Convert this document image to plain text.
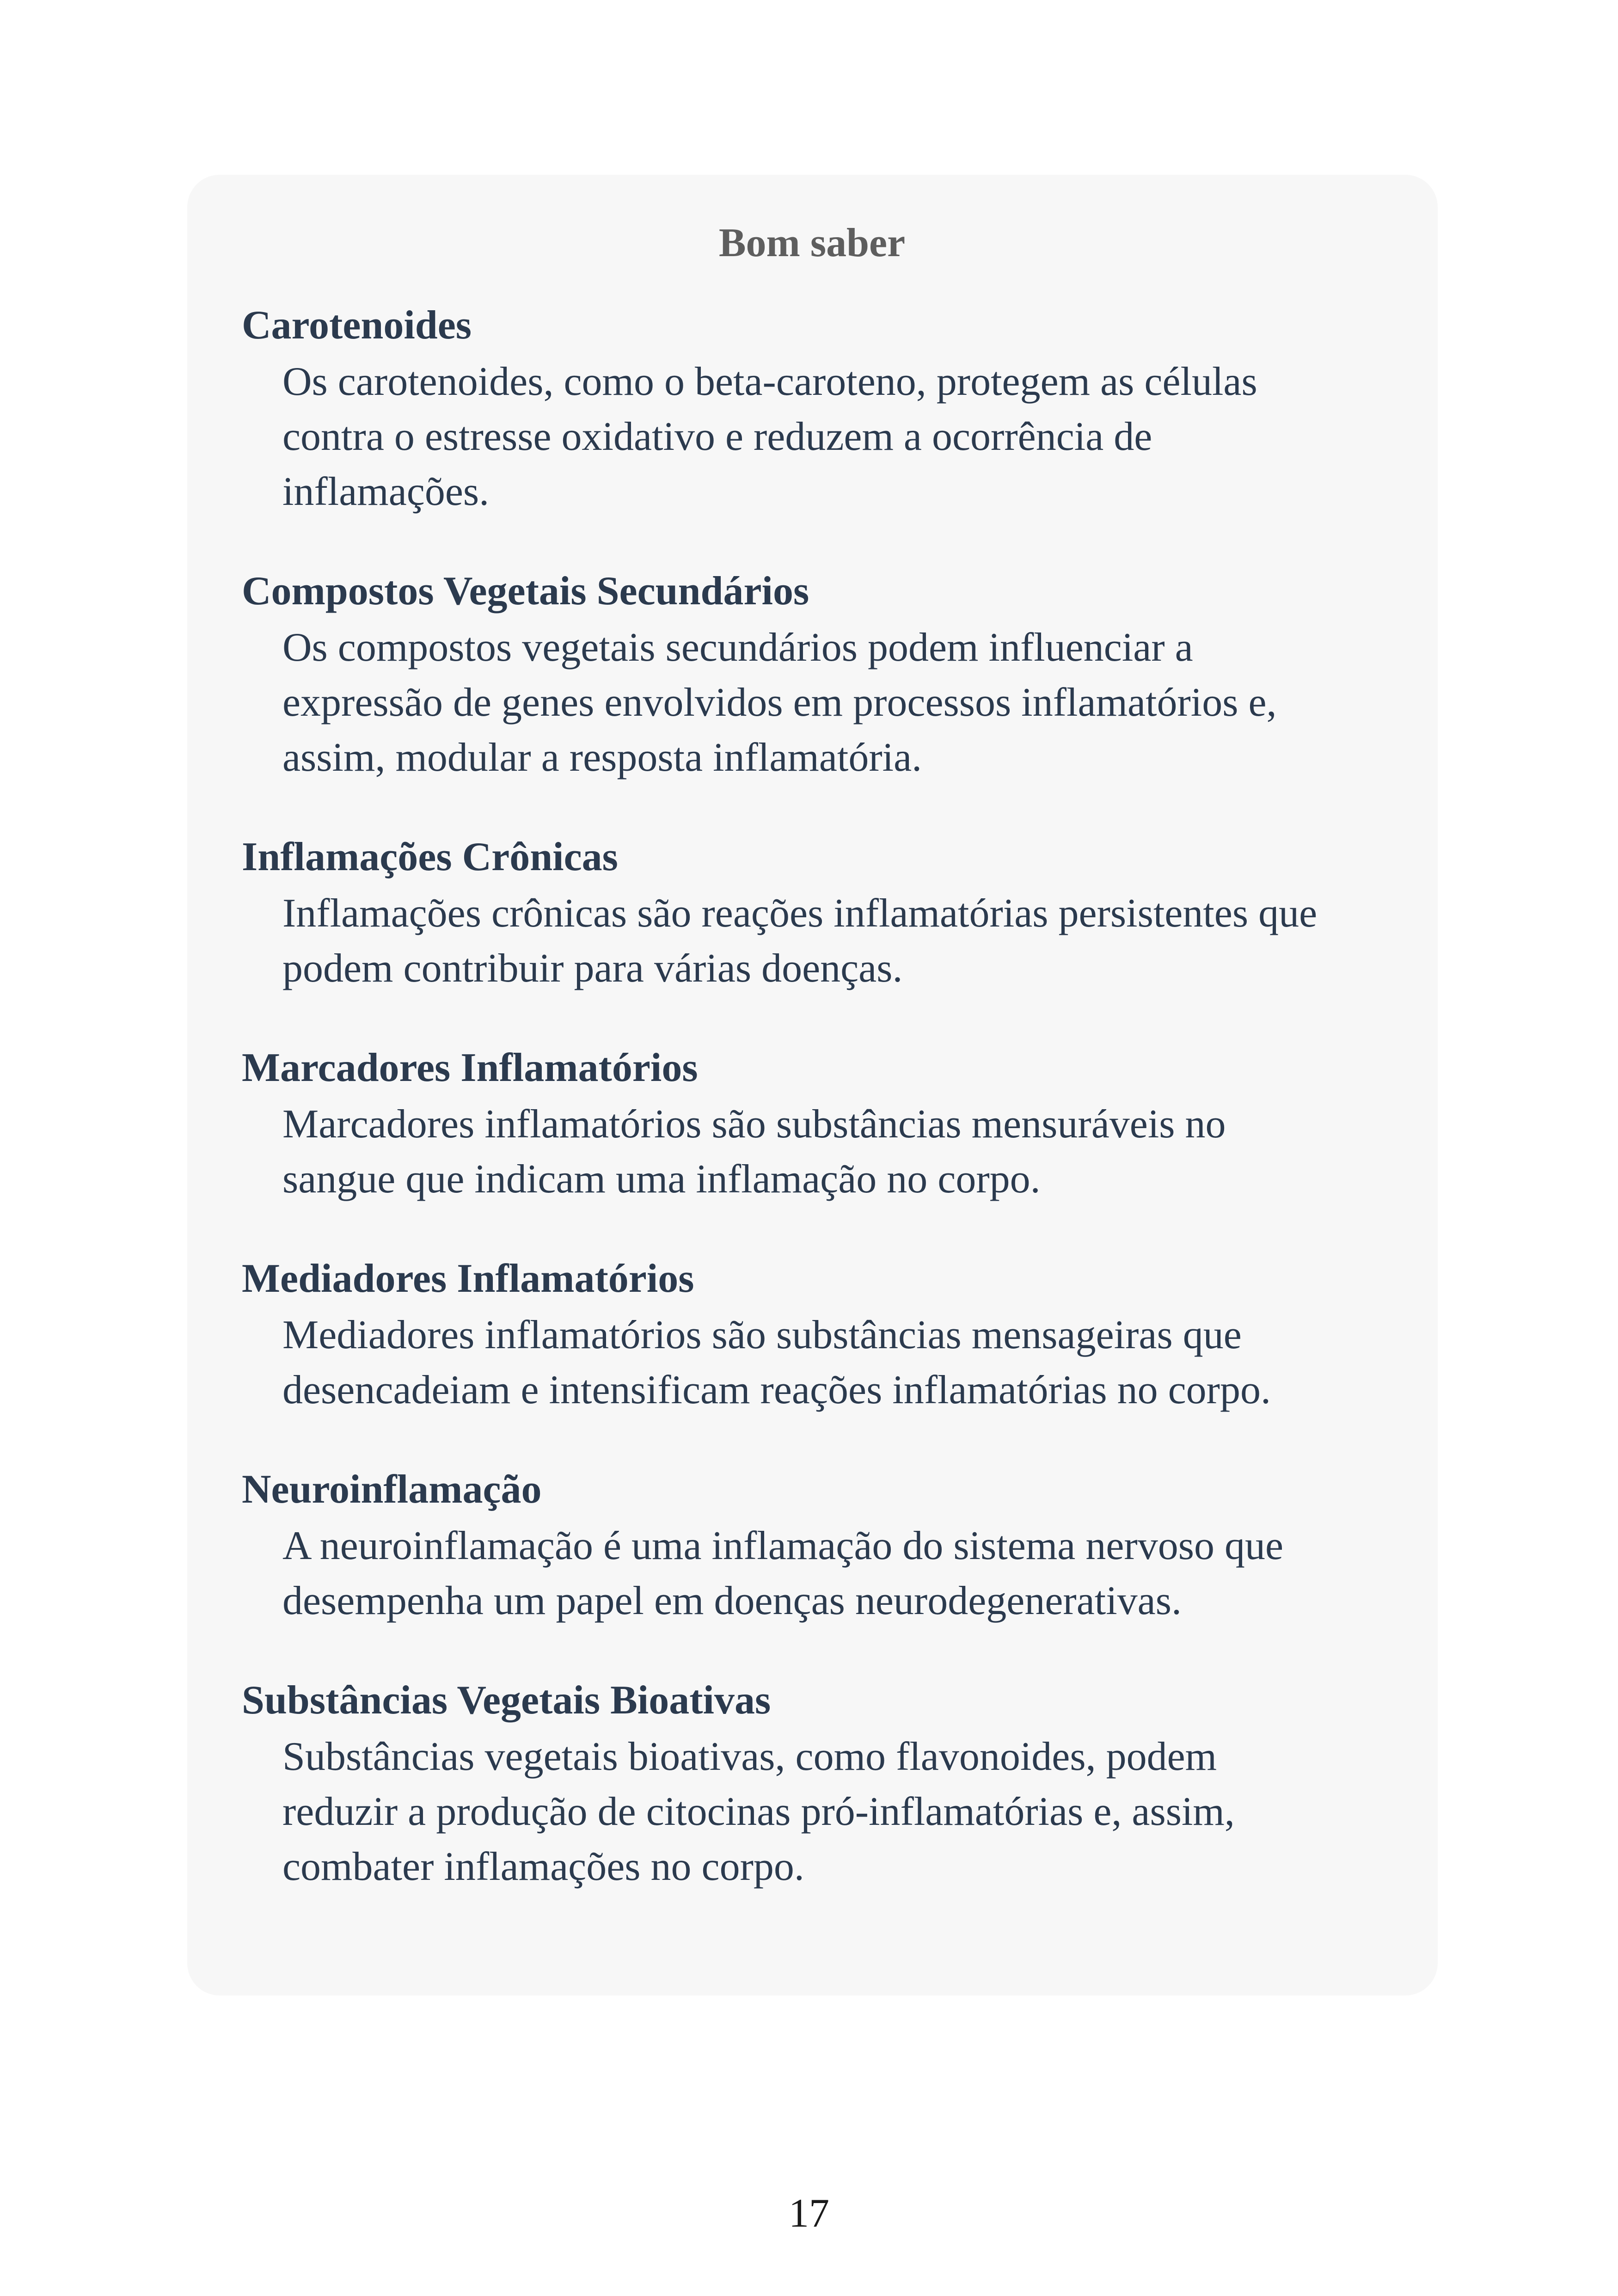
Bom saber
Carotenoides
Os carotenoides, como o beta-caroteno, protegem as células
contra o estresse oxidativo e reduzem a ocorrência de
inflamações.
Compostos Vegetais Secundários
Os compostos vegetais secundários podem influenciar a
expressão de genes envolvidos em processos inflamatórios e,
assim, modular a resposta inflamatória.
Inflamações Crônicas
Inflamações crônicas são reações inflamatórias persistentes que
podem contribuir para várias doenças.
Marcadores Inflamatórios
Marcadores inflamatórios são substâncias mensuráveis no
sangue que indicam uma inflamação no corpo.
Mediadores Inflamatórios
Mediadores inflamatórios são substâncias mensageiras que
desencadeiam e intensificam reações inflamatórias no corpo.
Neuroinflamação
A neuroinflamação é uma inflamação do sistema nervoso que
desempenha um papel em doenças neurodegenerativas.
Substâncias Vegetais Bioativas
Substâncias vegetais bioativas, como flavonoides, podem
reduzir a produção de citocinas pró-inflamatórias e, assim,
combater inflamações no corpo.
17
